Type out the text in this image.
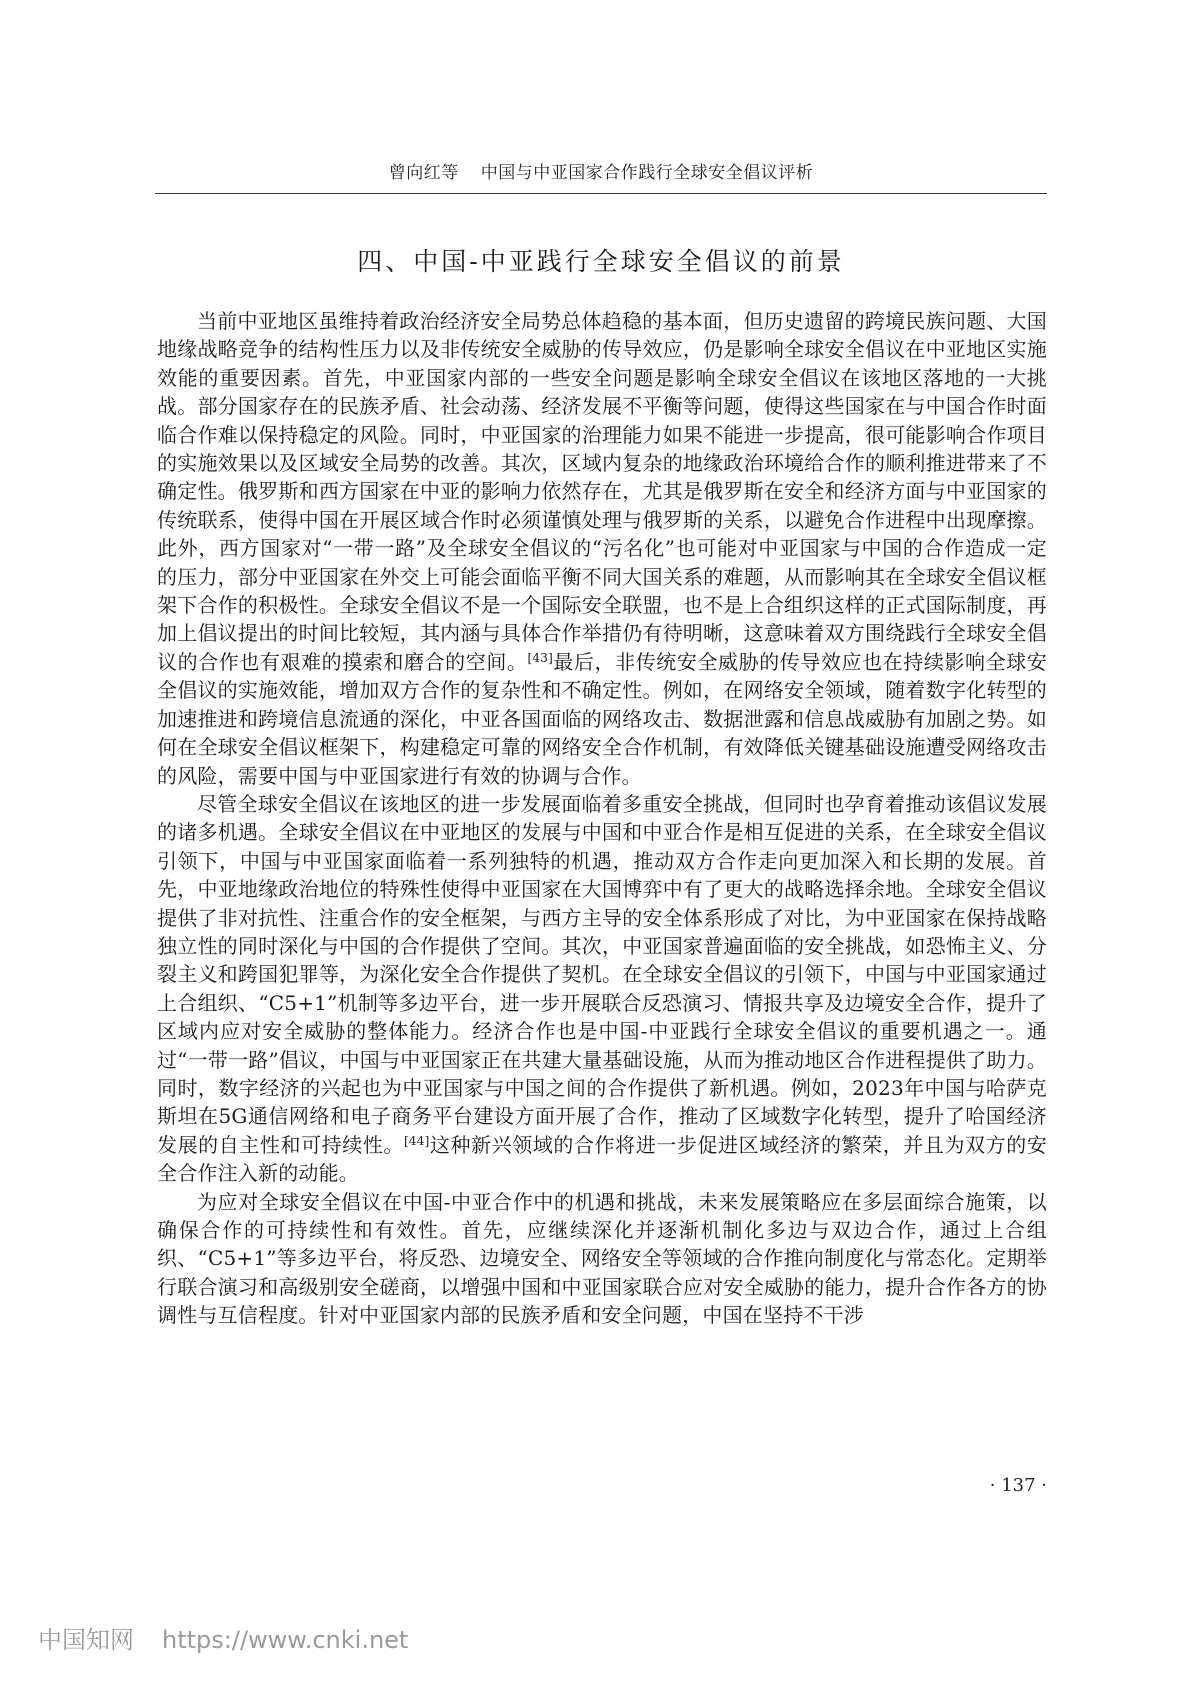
曾向红等 中国与中亚国家合作践行全球安全倡议评析
四、中国-中亚践行全球安全倡议的前景

当前中亚地区虽维持着政治经济安全局势总体趋稳的基本面，但历史遗留的跨境民族问题、大国地缘战略竞争的结构性压力以及非传统安全威胁的传导效应，仍是影响全球安全倡议在中亚地区实施效能的重要因素。首先，中亚国家内部的一些安全问题是影响全球安全倡议在该地区落地的一大挑战。部分国家存在的民族矛盾、社会动荡、经济发展不平衡等问题，使得这些国家在与中国合作时面临合作难以保持稳定的风险。同时，中亚国家的治理能力如果不能进一步提高，很可能影响合作项目的实施效果以及区域安全局势的改善。其次，区域内复杂的地缘政治环境给合作的顺利推进带来了不确定性。俄罗斯和西方国家在中亚的影响力依然存在，尤其是俄罗斯在安全和经济方面与中亚国家的传统联系，使得中国在开展区域合作时必须谨慎处理与俄罗斯的关系，以避免合作进程中出现摩擦。此外，西方国家对“一带一路”及全球安全倡议的“污名化”也可能对中亚国家与中国的合作造成一定的压力，部分中亚国家在外交上可能会面临平衡不同大国关系的难题，从而影响其在全球安全倡议框架下合作的积极性。全球安全倡议不是一个国际安全联盟，也不是上合组织这样的正式国际制度，再加上倡议提出的时间比较短，其内涵与具体合作举措仍有待明晰，这意味着双方围绕践行全球安全倡议的合作也有艰难的摸索和磨合的空间。[43]最后，非传统安全威胁的传导效应也在持续影响全球安全倡议的实施效能，增加双方合作的复杂性和不确定性。例如，在网络安全领域，随着数字化转型的加速推进和跨境信息流通的深化，中亚各国面临的网络攻击、数据泄露和信息战威胁有加剧之势。如何在全球安全倡议框架下，构建稳定可靠的网络安全合作机制，有效降低关键基础设施遭受网络攻击的风险，需要中国与中亚国家进行有效的协调与合作。

尽管全球安全倡议在该地区的进一步发展面临着多重安全挑战，但同时也孕育着推动该倡议发展的诸多机遇。全球安全倡议在中亚地区的发展与中国和中亚合作是相互促进的关系，在全球安全倡议引领下，中国与中亚国家面临着一系列独特的机遇，推动双方合作走向更加深入和长期的发展。首先，中亚地缘政治地位的特殊性使得中亚国家在大国博弈中有了更大的战略选择余地。全球安全倡议提供了非对抗性、注重合作的安全框架，与西方主导的安全体系形成了对比，为中亚国家在保持战略独立性的同时深化与中国的合作提供了空间。其次，中亚国家普遍面临的安全挑战，如恐怖主义、分裂主义和跨国犯罪等，为深化安全合作提供了契机。在全球安全倡议的引领下，中国与中亚国家通过上合组织、“C5+1”机制等多边平台，进一步开展联合反恐演习、情报共享及边境安全合作，提升了区域内应对安全威胁的整体能力。经济合作也是中国-中亚践行全球安全倡议的重要机遇之一。通过“一带一路”倡议，中国与中亚国家正在共建大量基础设施，从而为推动地区合作进程提供了助力。同时，数字经济的兴起也为中亚国家与中国之间的合作提供了新机遇。例如，2023年中国与哈萨克斯坦在5G通信网络和电子商务平台建设方面开展了合作，推动了区域数字化转型，提升了哈国经济发展的自主性和可持续性。[44]这种新兴领域的合作将进一步促进区域经济的繁荣，并且为双方的安全合作注入新的动能。

为应对全球安全倡议在中国-中亚合作中的机遇和挑战，未来发展策略应在多层面综合施策，以确保合作的可持续性和有效性。首先，应继续深化并逐渐机制化多边与双边合作，通过上合组织、“C5+1”等多边平台，将反恐、边境安全、网络安全等领域的合作推向制度化与常态化。定期举行联合演习和高级别安全磋商，以增强中国和中亚国家联合应对安全威胁的能力，提升合作各方的协调性与互信程度。针对中亚国家内部的民族矛盾和安全问题，中国在坚持不干涉

· 137 ·
中国知网 https://www.cnki.net
